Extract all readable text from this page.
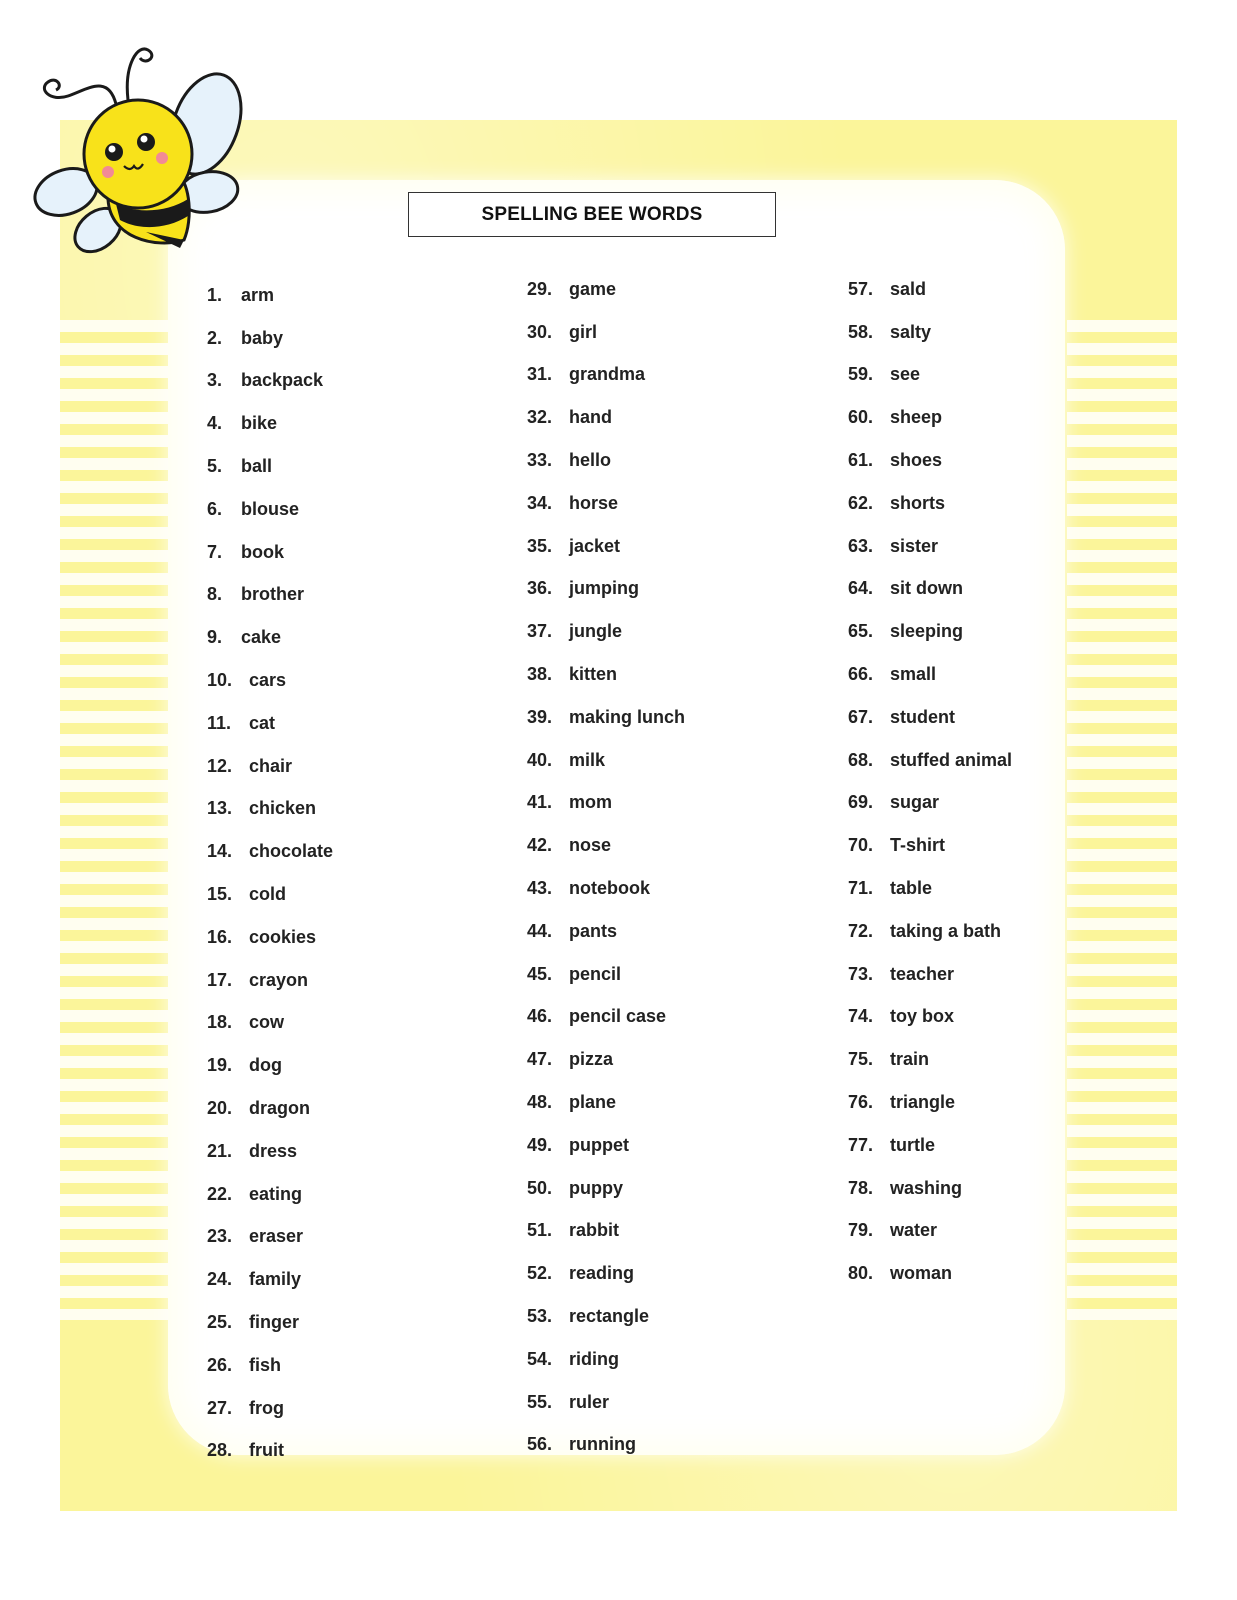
SPELLING BEE WORDS
1.	arm
2.	baby
3.	backpack
4.	bike
5.	ball
6.	blouse
7.	book
8.	brother
9.	cake
10. cars
11. cat
12. chair
13. chicken
14. chocolate
15. cold
16. cookies
17. crayon
18. cow
19. dog
20. dragon
21. dress
22. eating
23. eraser
24. family
25. finger
26. fish
27. frog
28. fruit
29. game
30. girl
31. grandma
32. hand
33. hello
34. horse
35. jacket
36. jumping
37. jungle
38. kitten
39. making lunch
40. milk
41. mom
42. nose
43. notebook
44. pants
45. pencil
46. pencil case
47. pizza
48. plane
49. puppet
50. puppy
51. rabbit
52. reading
53. rectangle
54. riding
55. ruler
56. running
57. sald
58. salty
59. see
60. sheep
61. shoes
62. shorts
63. sister
64. sit down
65. sleeping
66. small
67. student
68. stuffed animal
69. sugar
70. T-shirt
71. table
72. taking a bath
73. teacher
74. toy box
75. train
76. triangle
77. turtle
78. washing
79. water
80. woman
